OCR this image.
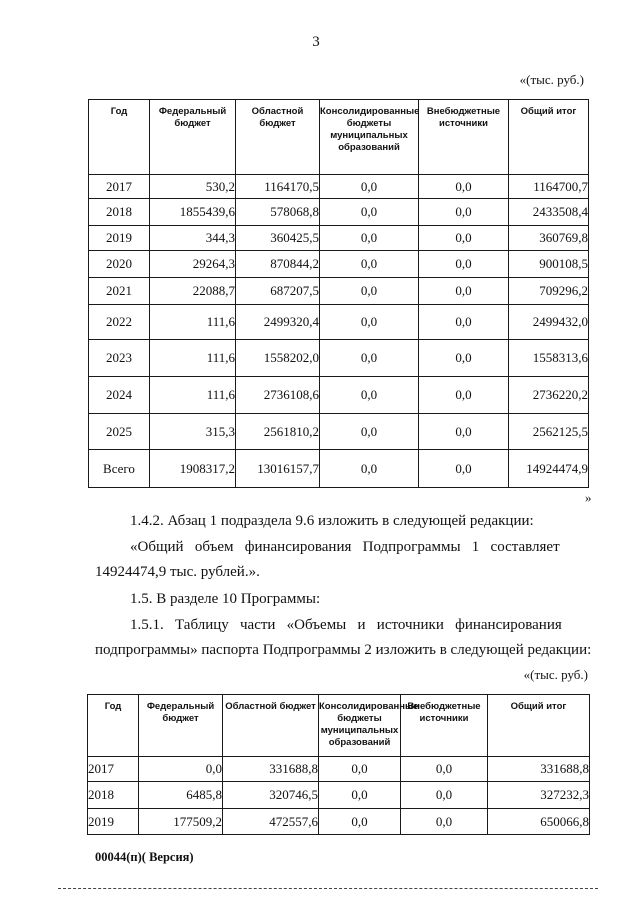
3
«(тыс. руб.)
Год	Федеральный бюджет	Областной бюджет	Консолидированные бюджеты муниципальных образований	Внебюджетные источники	Общий итог
2017	530,2	1164170,5	0,0	0,0	1164700,7
2018	1855439,6	578068,8	0,0	0,0	2433508,4
2019	344,3	360425,5	0,0	0,0	360769,8
2020	29264,3	870844,2	0,0	0,0	900108,5
2021	22088,7	687207,5	0,0	0,0	709296,2
2022	111,6	2499320,4	0,0	0,0	2499432,0
2023	111,6	1558202,0	0,0	0,0	1558313,6
2024	111,6	2736108,6	0,0	0,0	2736220,2
2025	315,3	2561810,2	0,0	0,0	2562125,5
Всего	1908317,2	13016157,7	0,0	0,0	14924474,9
»
1.4.2. Абзац 1 подраздела 9.6 изложить в следующей редакции:
«Общий   объем   финансирования   Подпрограммы   1   составляет
14924474,9 тыс. рублей.».
1.5. В разделе 10 Программы:
1.5.1.   Таблицу   части   «Объемы   и   источники   финансирования
подпрограммы» паспорта Подпрограммы 2 изложить в следующей редакции:
«(тыс. руб.)
Год	Федеральный бюджет	Областной бюджет	Консолидированные бюджеты муниципальных образований	Внебюджетные источники	Общий итог
2017	0,0	331688,8	0,0	0,0	331688,8
2018	6485,8	320746,5	0,0	0,0	327232,3
2019	177509,2	472557,6	0,0	0,0	650066,8
00044(п)( Версия)
